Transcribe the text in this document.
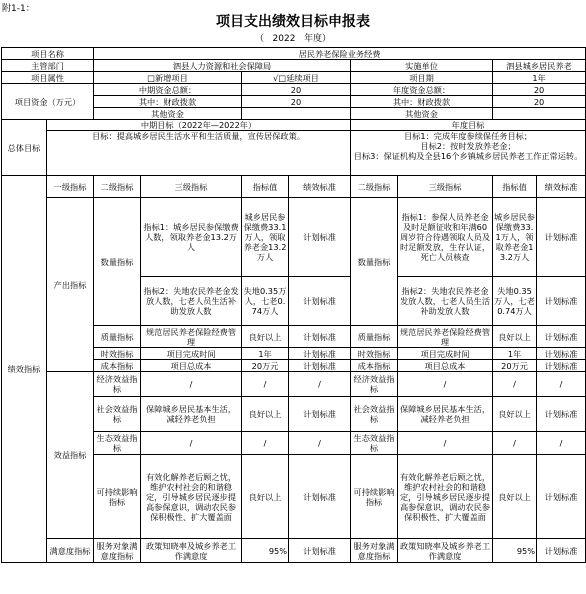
附1-1：
项目支出绩效目标申报表
（   2022   年度）
项目名称		居民养老保险业务经费							
主管部门		泗县人力资源和社会保障局				实施单位		泗县城乡居民养老	
项目属性		□新增项目		√□延续项目		项目期		1年	
项目资金（万元）		中期资金总额：		20		年度资金总额：		20	
		其中：财政拨款		20		其中：财政拨款		20	
		其他资金				其他资金			
总体目标	中期目标（2022年—2022年）					年度目标			
	目标：提高城乡居民生活水平和生活质量，宣传居保政策。					目标1：完成年度参续保任务目标；
目标2：按时发放养老金；
目标3：保证机构及全县16个乡镇城乡居民养老工作正常运转。			

绩效指标	一级指标	二级指标	三级指标	指标值	绩效标准	二级指标	三级指标	指标值	绩效标准
	产出指标	数量指标	指标1：城乡居民参保缴费人数，领取养老金13.2万人	城乡居民参保缴费33.1万人，领取养老金13.2万人	计划标准	数量指标	指标1：参保人员养老金及时足额征收和年满60周岁符合待遇领取人员及时足额发放，生存认证，死亡人员核查	城乡居民参保缴费33.1万人，领取养老金13.2万人	计划标准
			指标2：失地农民养老金发放人数，七老人员生活补助发放人数	失地0.35万人，七老0.74万人	计划标准		指标2：失地农民养老金发放人数，七老人员生活补助发放人数	失地0.35万人，七老0.74万人	计划标准
		质量指标	规范居民养老保险经费管理	良好以上	计划标准	质量指标	规范居民养老保险经费管理	良好以上	计划标准
		时效指标	项目完成时间	1年	计划标准	时效指标	项目完成时间	1年	计划标准
		成本指标	项目总成本	20万元	计划标准	成本指标	项目总成本	20万元	计划标准
	效益指标	经济效益指标	/	/	/	经济效益指标	/	/	/
		社会效益指标	保障城乡居民基本生活，减轻养老负担	良好以上	计划标准	社会效益指标	保障城乡居民基本生活，减轻养老负担	良好以上	计划标准
		生态效益指标	/	/	/	生态效益指标	/	/	/
		可持续影响指标	有效化解养老后顾之忧，维护农村社会的和谐稳定，引导城乡居民逐步提高参保意识，调动农民参保积极性、扩大覆盖面	良好以上	计划标准	可持续影响指标	有效化解养老后顾之忧，维护农村社会的和谐稳定，引导城乡居民逐步提高参保意识，调动农民参保积极性、扩大覆盖面	良好以上	计划标准
	满意度指标	服务对象满意度指标	政策知晓率及城乡养老工作满意度	95%	计划标准	服务对象满意度指标	政策知晓率及城乡养老工作满意度	95%	计划标准
